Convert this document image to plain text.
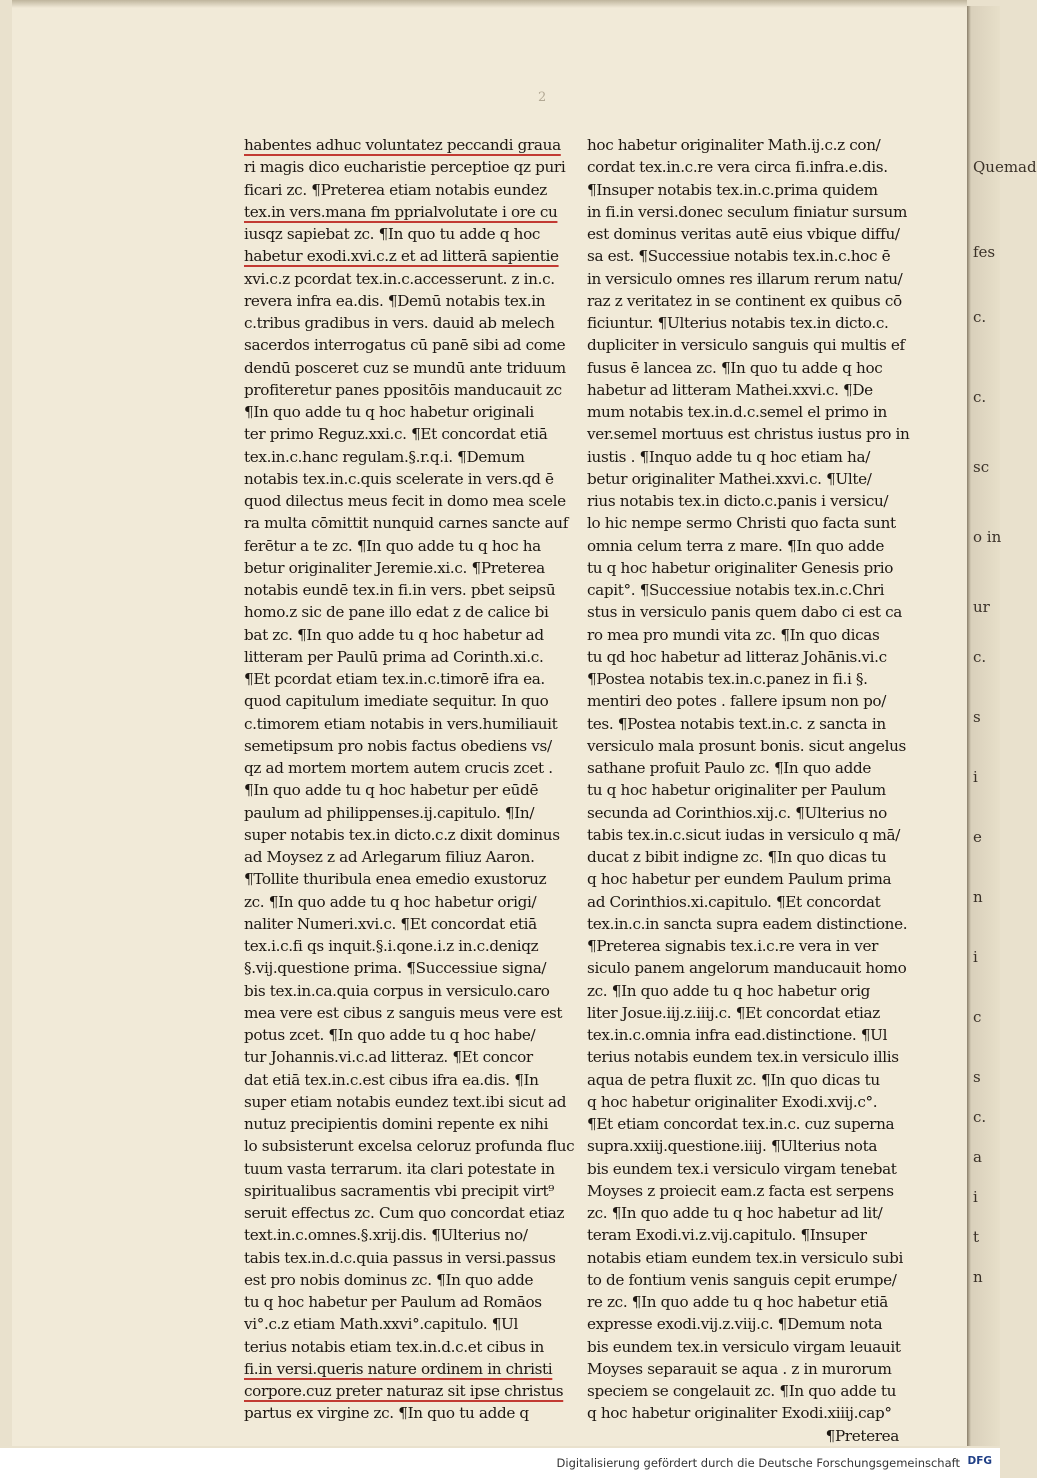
2
habentes adhuc voluntatez peccandi graua
ri magis dico eucharistie perceptioe qz puri
ficari zc. ¶Preterea etiam notabis eundez
tex.in vers.mana fm pprialvolutate i ore cu
iusqz sapiebat zc. ¶In quo tu adde q hoc
habetur exodi.xvi.c.z et ad litterā sapientie
xvi.c.z pcordat tex.in.c.accesserunt. z in.c.
revera infra ea.dis. ¶Demū notabis tex.in
c.tribus gradibus in vers. dauid ab melech
sacerdos interrogatus cū panē sibi ad come
dendū posceret cuz se mundū ante triduum
profiteretur panes ppositōis manducauit zc
¶In quo adde tu q hoc habetur originali
ter primo Reguz.xxi.c. ¶Et concordat etiā
tex.in.c.hanc regulam.§.r.q.i. ¶Demum
notabis tex.in.c.quis scelerate in vers.qd ē
quod dilectus meus fecit in domo mea scele
ra multa cōmittit nunquid carnes sancte auf
ferētur a te zc. ¶In quo adde tu q hoc ha
betur originaliter Jeremie.xi.c. ¶Preterea
notabis eundē tex.in fi.in vers. pbet seipsū
homo.z sic de pane illo edat z de calice bi
bat zc. ¶In quo adde tu q hoc habetur ad
litteram per Paulū prima ad Corinth.xi.c.
¶Et pcordat etiam tex.in.c.timorē ifra ea.
quod capitulum imediate sequitur. In quo
c.timorem etiam notabis in vers.humiliauit
semetipsum pro nobis factus obediens vs/
qz ad mortem mortem autem crucis zcet .
¶In quo adde tu q hoc habetur per eūdē
paulum ad philippenses.ij.capitulo. ¶In/
super notabis tex.in dicto.c.z dixit dominus
ad Moysez z ad Arlegarum filiuz Aaron.
¶Tollite thuribula enea emedio exustoruz
zc. ¶In quo adde tu q hoc habetur origi/
naliter Numeri.xvi.c. ¶Et concordat etiā
tex.i.c.fi qs inquit.§.i.qone.i.z in.c.deniqz
§.vij.questione prima. ¶Successiue signa/
bis tex.in.ca.quia corpus in versiculo.caro
mea vere est cibus z sanguis meus vere est
potus zcet. ¶In quo adde tu q hoc habe/
tur Johannis.vi.c.ad litteraz. ¶Et concor
dat etiā tex.in.c.est cibus ifra ea.dis. ¶In
super etiam notabis eundez text.ibi sicut ad
nutuz precipientis domini repente ex nihi
lo subsisterunt excelsa celoruz profunda fluc
tuum vasta terrarum. ita clari potestate in
spiritualibus sacramentis vbi precipit virt⁹
seruit effectus zc. Cum quo concordat etiaz
text.in.c.omnes.§.xrij.dis. ¶Ulterius no/
tabis tex.in.d.c.quia passus in versi.passus
est pro nobis dominus zc. ¶In quo adde
tu q hoc habetur per Paulum ad Romāos
vi°.c.z etiam Math.xxvi°.capitulo. ¶Ul
terius notabis etiam tex.in.d.c.et cibus in
fi.in versi.queris nature ordinem in christi
corpore.cuz preter naturaz sit ipse christus
partus ex virgine zc. ¶In quo tu adde q
hoc habetur originaliter Math.ij.c.z con/
cordat tex.in.c.re vera circa fi.infra.e.dis.
¶Insuper notabis tex.in.c.prima quidem
in fi.in versi.donec seculum finiatur sursum
est dominus veritas autē eius vbique diffu/
sa est. ¶Successiue notabis tex.in.c.hoc ē
in versiculo omnes res illarum rerum natu/
raz z veritatez in se continent ex quibus cō
ficiuntur. ¶Ulterius notabis tex.in dicto.c.
dupliciter in versiculo sanguis qui multis ef
fusus ē lancea zc. ¶In quo tu adde q hoc
habetur ad litteram Mathei.xxvi.c. ¶De
mum notabis tex.in.d.c.semel el primo in
ver.semel mortuus est christus iustus pro in
iustis . ¶Inquo adde tu q hoc etiam ha/
betur originaliter Mathei.xxvi.c. ¶Ulte/
rius notabis tex.in dicto.c.panis i versicu/
lo hic nempe sermo Christi quo facta sunt
omnia celum terra z mare. ¶In quo adde
tu q hoc habetur originaliter Genesis prio
capit°. ¶Successiue notabis tex.in.c.Chri
stus in versiculo panis quem dabo ci est ca
ro mea pro mundi vita zc. ¶In quo dicas
tu qd hoc habetur ad litteraz Johānis.vi.c
¶Postea notabis tex.in.c.panez in fi.i §.
mentiri deo potes . fallere ipsum non po/
tes. ¶Postea notabis text.in.c. z sancta in
versiculo mala prosunt bonis. sicut angelus
sathane profuit Paulo zc. ¶In quo adde
tu q hoc habetur originaliter per Paulum
secunda ad Corinthios.xij.c. ¶Ulterius no
tabis tex.in.c.sicut iudas in versiculo q mā/
ducat z bibit indigne zc. ¶In quo dicas tu
q hoc habetur per eundem Paulum prima
ad Corinthios.xi.capitulo. ¶Et concordat
tex.in.c.in sancta supra eadem distinctione.
¶Preterea signabis tex.i.c.re vera in ver
siculo panem angelorum manducauit homo
zc. ¶In quo adde tu q hoc habetur orig
liter Josue.iij.z.iiij.c. ¶Et concordat etiaz
tex.in.c.omnia infra ead.distinctione. ¶Ul
terius notabis eundem tex.in versiculo illis
aqua de petra fluxit zc. ¶In quo dicas tu
q hoc habetur originaliter Exodi.xvij.c°.
¶Et etiam concordat tex.in.c. cuz superna
supra.xxiij.questione.iiij. ¶Ulterius nota
bis eundem tex.i versiculo virgam tenebat
Moyses z proiecit eam.z facta est serpens
zc. ¶In quo adde tu q hoc habetur ad lit/
teram Exodi.vi.z.vij.capitulo. ¶Insuper
notabis etiam eundem tex.in versiculo subi
to de fontium venis sanguis cepit erumpe/
re zc. ¶In quo adde tu q hoc habetur etiā
expresse exodi.vij.z.viij.c. ¶Demum nota
bis eundem tex.in versiculo virgam leuauit
Moyses separauit se aqua . z in murorum
speciem se congelauit zc. ¶In quo adde tu
q hoc habetur originaliter Exodi.xiiij.cap°
¶Preterea
Quemad
fes
c.
c.
sc
o in
ur
c.
s
i
e
n
i
c
s
c.
a
i
t
n
Digitalisierung gefördert durch die Deutsche Forschungsgemeinschaft DFG
